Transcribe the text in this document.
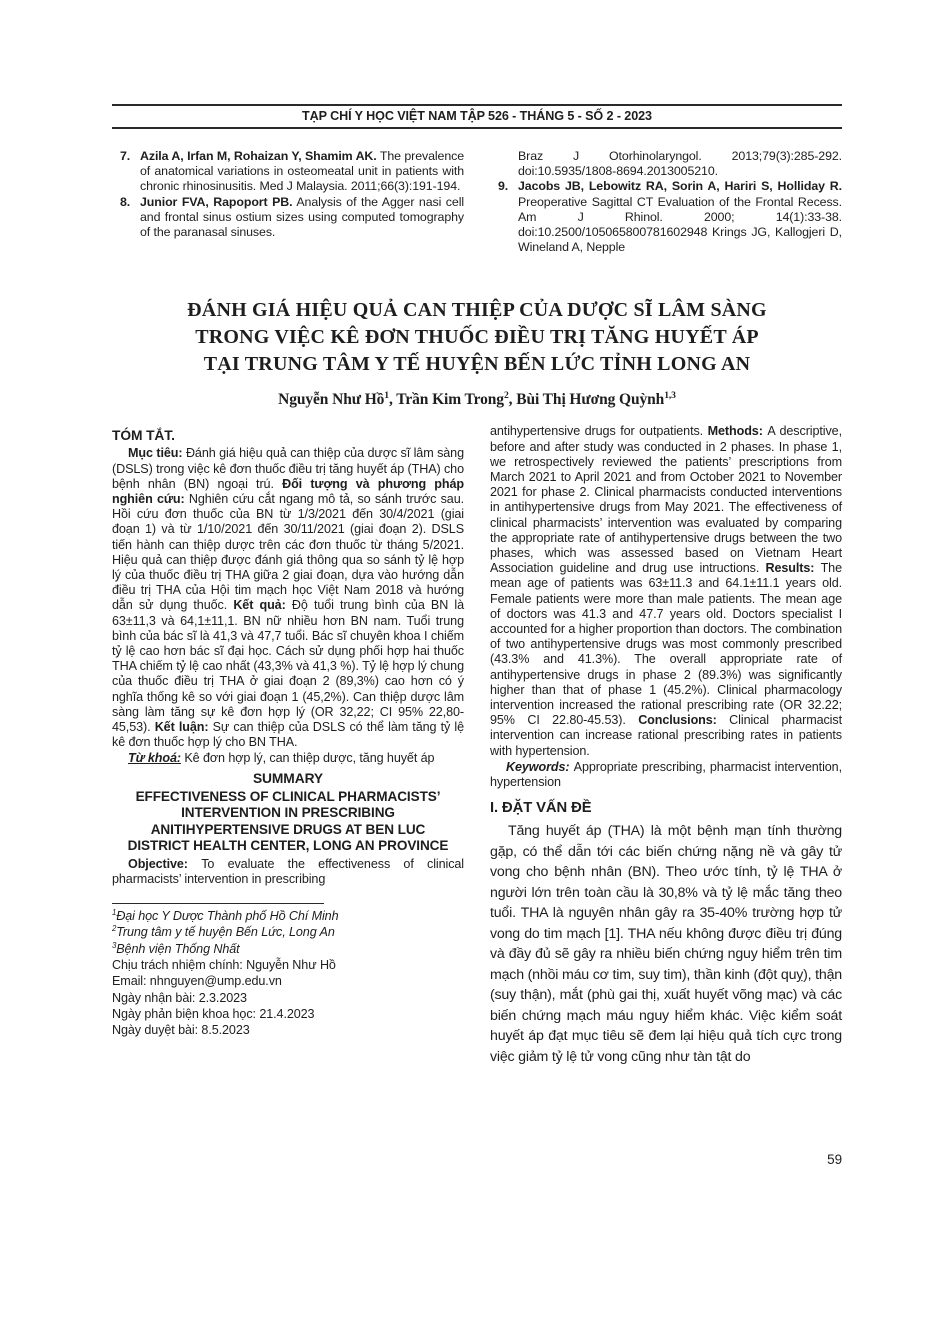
TẠP CHÍ Y HỌC VIỆT NAM TẬP 526 - THÁNG 5 - SỐ 2 - 2023
7. Azila A, Irfan M, Rohaizan Y, Shamim AK. The prevalence of anatomical variations in osteomeatal unit in patients with chronic rhinosinusitis. Med J Malaysia. 2011;66(3):191-194.
8. Junior FVA, Rapoport PB. Analysis of the Agger nasi cell and frontal sinus ostium sizes using computed tomography of the paranasal sinuses.
Braz J Otorhinolaryngol. 2013;79(3):285-292. doi:10.5935/1808-8694.2013005210.
9. Jacobs JB, Lebowitz RA, Sorin A, Hariri S, Holliday R. Preoperative Sagittal CT Evaluation of the Frontal Recess. Am J Rhinol. 2000; 14(1):33-38. doi:10.2500/105065800781602948 Krings JG, Kallogjeri D, Wineland A, Nepple
ĐÁNH GIÁ HIỆU QUẢ CAN THIỆP CỦA DƯỢC SĨ LÂM SÀNG
TRONG VIỆC KÊ ĐƠN THUỐC ĐIỀU TRỊ TĂNG HUYẾT ÁP
TẠI TRUNG TÂM Y TẾ HUYỆN BẾN LỨC TỈNH LONG AN
Nguyễn Như Hồ$^1$, Trần Kim Trong$^2$, Bùi Thị Hương Quỳnh$^{1,3}$
TÓM TẮT.

Mục tiêu: Đánh giá hiệu quả can thiệp của dược sĩ lâm sàng (DSLS) trong việc kê đơn thuốc điều trị tăng huyết áp (THA) cho bệnh nhân (BN) ngoại trú. Đối tượng và phương pháp nghiên cứu: Nghiên cứu cắt ngang mô tả, so sánh trước sau. Hồi cứu đơn thuốc của BN từ 1/3/2021 đến 30/4/2021 (giai đoạn 1) và từ 1/10/2021 đến 30/11/2021 (giai đoạn 2). DSLS tiến hành can thiệp dược trên các đơn thuốc từ tháng 5/2021. Hiệu quả can thiệp được đánh giá thông qua so sánh tỷ lệ hợp lý của thuốc điều trị THA giữa 2 giai đoạn, dựa vào hướng dẫn điều trị THA của Hội tim mạch học Việt Nam 2018 và hướng dẫn sử dụng thuốc. Kết quả: Độ tuổi trung bình của BN là 63±11,3 và 64,1±11,1. BN nữ nhiều hơn BN nam. Tuổi trung bình của bác sĩ là 41,3 và 47,7 tuổi. Bác sĩ chuyên khoa I chiếm tỷ lệ cao hơn bác sĩ đại học. Cách sử dụng phối hợp hai thuốc THA chiếm tỷ lệ cao nhất (43,3% và 41,3 %). Tỷ lệ hợp lý chung của thuốc điều trị THA ở giai đoạn 2 (89,3%) cao hơn có ý nghĩa thống kê so với giai đoạn 1 (45,2%). Can thiệp dược lâm sàng làm tăng sự kê đơn hợp lý (OR 32,22; CI 95% 22,80-45,53). Kết luận: Sự can thiệp của DSLS có thể làm tăng tỷ lệ kê đơn thuốc hợp lý cho BN THA.

Từ khoá: Kê đơn hợp lý, can thiệp dược, tăng huyết áp

SUMMARY
EFFECTIVENESS OF CLINICAL PHARMACISTS’ INTERVENTION IN PRESCRIBING ANITIHYPERTENSIVE DRUGS AT BEN LUC DISTRICT HEALTH CENTER, LONG AN PROVINCE

Objective: To evaluate the effectiveness of clinical pharmacists’ intervention in prescribing

$^1$Đại học Y Dược Thành phố Hồ Chí Minh
$^2$Trung tâm y tế huyện Bến Lức, Long An
$^3$Bệnh viện Thống Nhất
Chịu trách nhiệm chính: Nguyễn Như Hồ
Email: nhnguyen@ump.edu.vn
Ngày nhận bài: 2.3.2023
Ngày phản biện khoa học: 21.4.2023
Ngày duyệt bài: 8.5.2023

antihypertensive drugs for outpatients. Methods: A descriptive, before and after study was conducted in 2 phases. In phase 1, we retrospectively reviewed the patients’ prescriptions from March 2021 to April 2021 and from October 2021 to November 2021 for phase 2. Clinical pharmacists conducted interventions in antihypertensive drugs from May 2021. The effectiveness of clinical pharmacists’ intervention was evaluated by comparing the appropriate rate of antihypertensive drugs between the two phases, which was assessed based on Vietnam Heart Association guideline and drug use intructions. Results: The mean age of patients was 63±11.3 and 64.1±11.1 years old. Female patients were more than male patients. The mean age of doctors was 41.3 and 47.7 years old. Doctors specialist I accounted for a higher proportion than doctors. The combination of two antihypertensive drugs was most commonly prescribed (43.3% and 41.3%). The overall appropriate rate of antihypertensive drugs in phase 2 (89.3%) was significantly higher than that of phase 1 (45.2%). Clinical pharmacology intervention increased the rational prescribing rate (OR 32.22; 95% CI 22.80-45.53). Conclusions: Clinical pharmacist intervention can increase rational prescribing rates in patients with hypertension.

Keywords: Appropriate prescribing, pharmacist intervention, hypertension

I. ĐẶT VẤN ĐỀ

Tăng huyết áp (THA) là một bệnh mạn tính thường gặp, có thể dẫn tới các biến chứng nặng nề và gây tử vong cho bệnh nhân (BN). Theo ước tính, tỷ lệ THA ở người lớn trên toàn cầu là 30,8% và tỷ lệ mắc tăng theo tuổi. THA là nguyên nhân gây ra 35-40% trường hợp tử vong do tim mạch [1]. THA nếu không được điều trị đúng và đầy đủ sẽ gây ra nhiều biến chứng nguy hiểm trên tim mạch (nhồi máu cơ tim, suy tim), thần kinh (đột quỵ), thận (suy thận), mắt (phù gai thị, xuất huyết võng mạc) và các biến chứng mạch máu nguy hiểm khác. Việc kiểm soát huyết áp đạt mục tiêu sẽ đem lại hiệu quả tích cực trong việc giảm tỷ lệ tử vong cũng như tàn tật do

59
